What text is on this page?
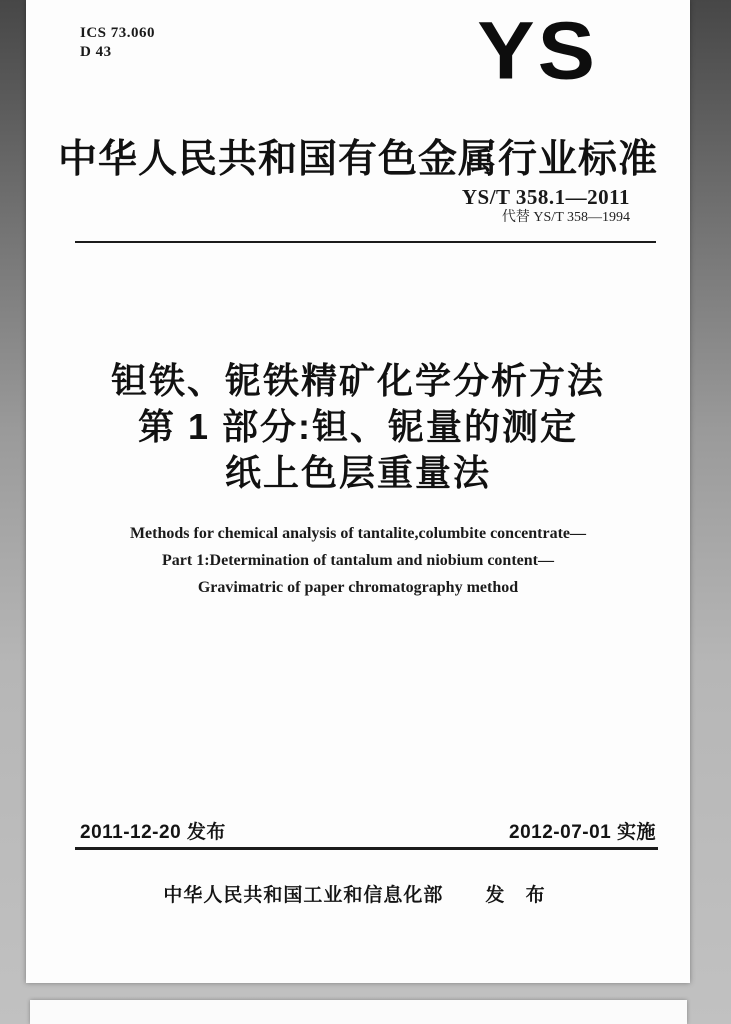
ICS 73.060
D 43	YS
中华人民共和国有色金属行业标准
YS/T 358.1—2011
代替 YS/T 358—1994
钽铁、铌铁精矿化学分析方法
第 1 部分:钽、铌量的测定
纸上色层重量法
Methods for chemical analysis of tantalite,columbite concentrate—
Part 1:Determination of tantalum and niobium content—
Gravimatric of paper chromatography method
2011-12-20 发布	2012-07-01 实施
中华人民共和国工业和信息化部 发 布
